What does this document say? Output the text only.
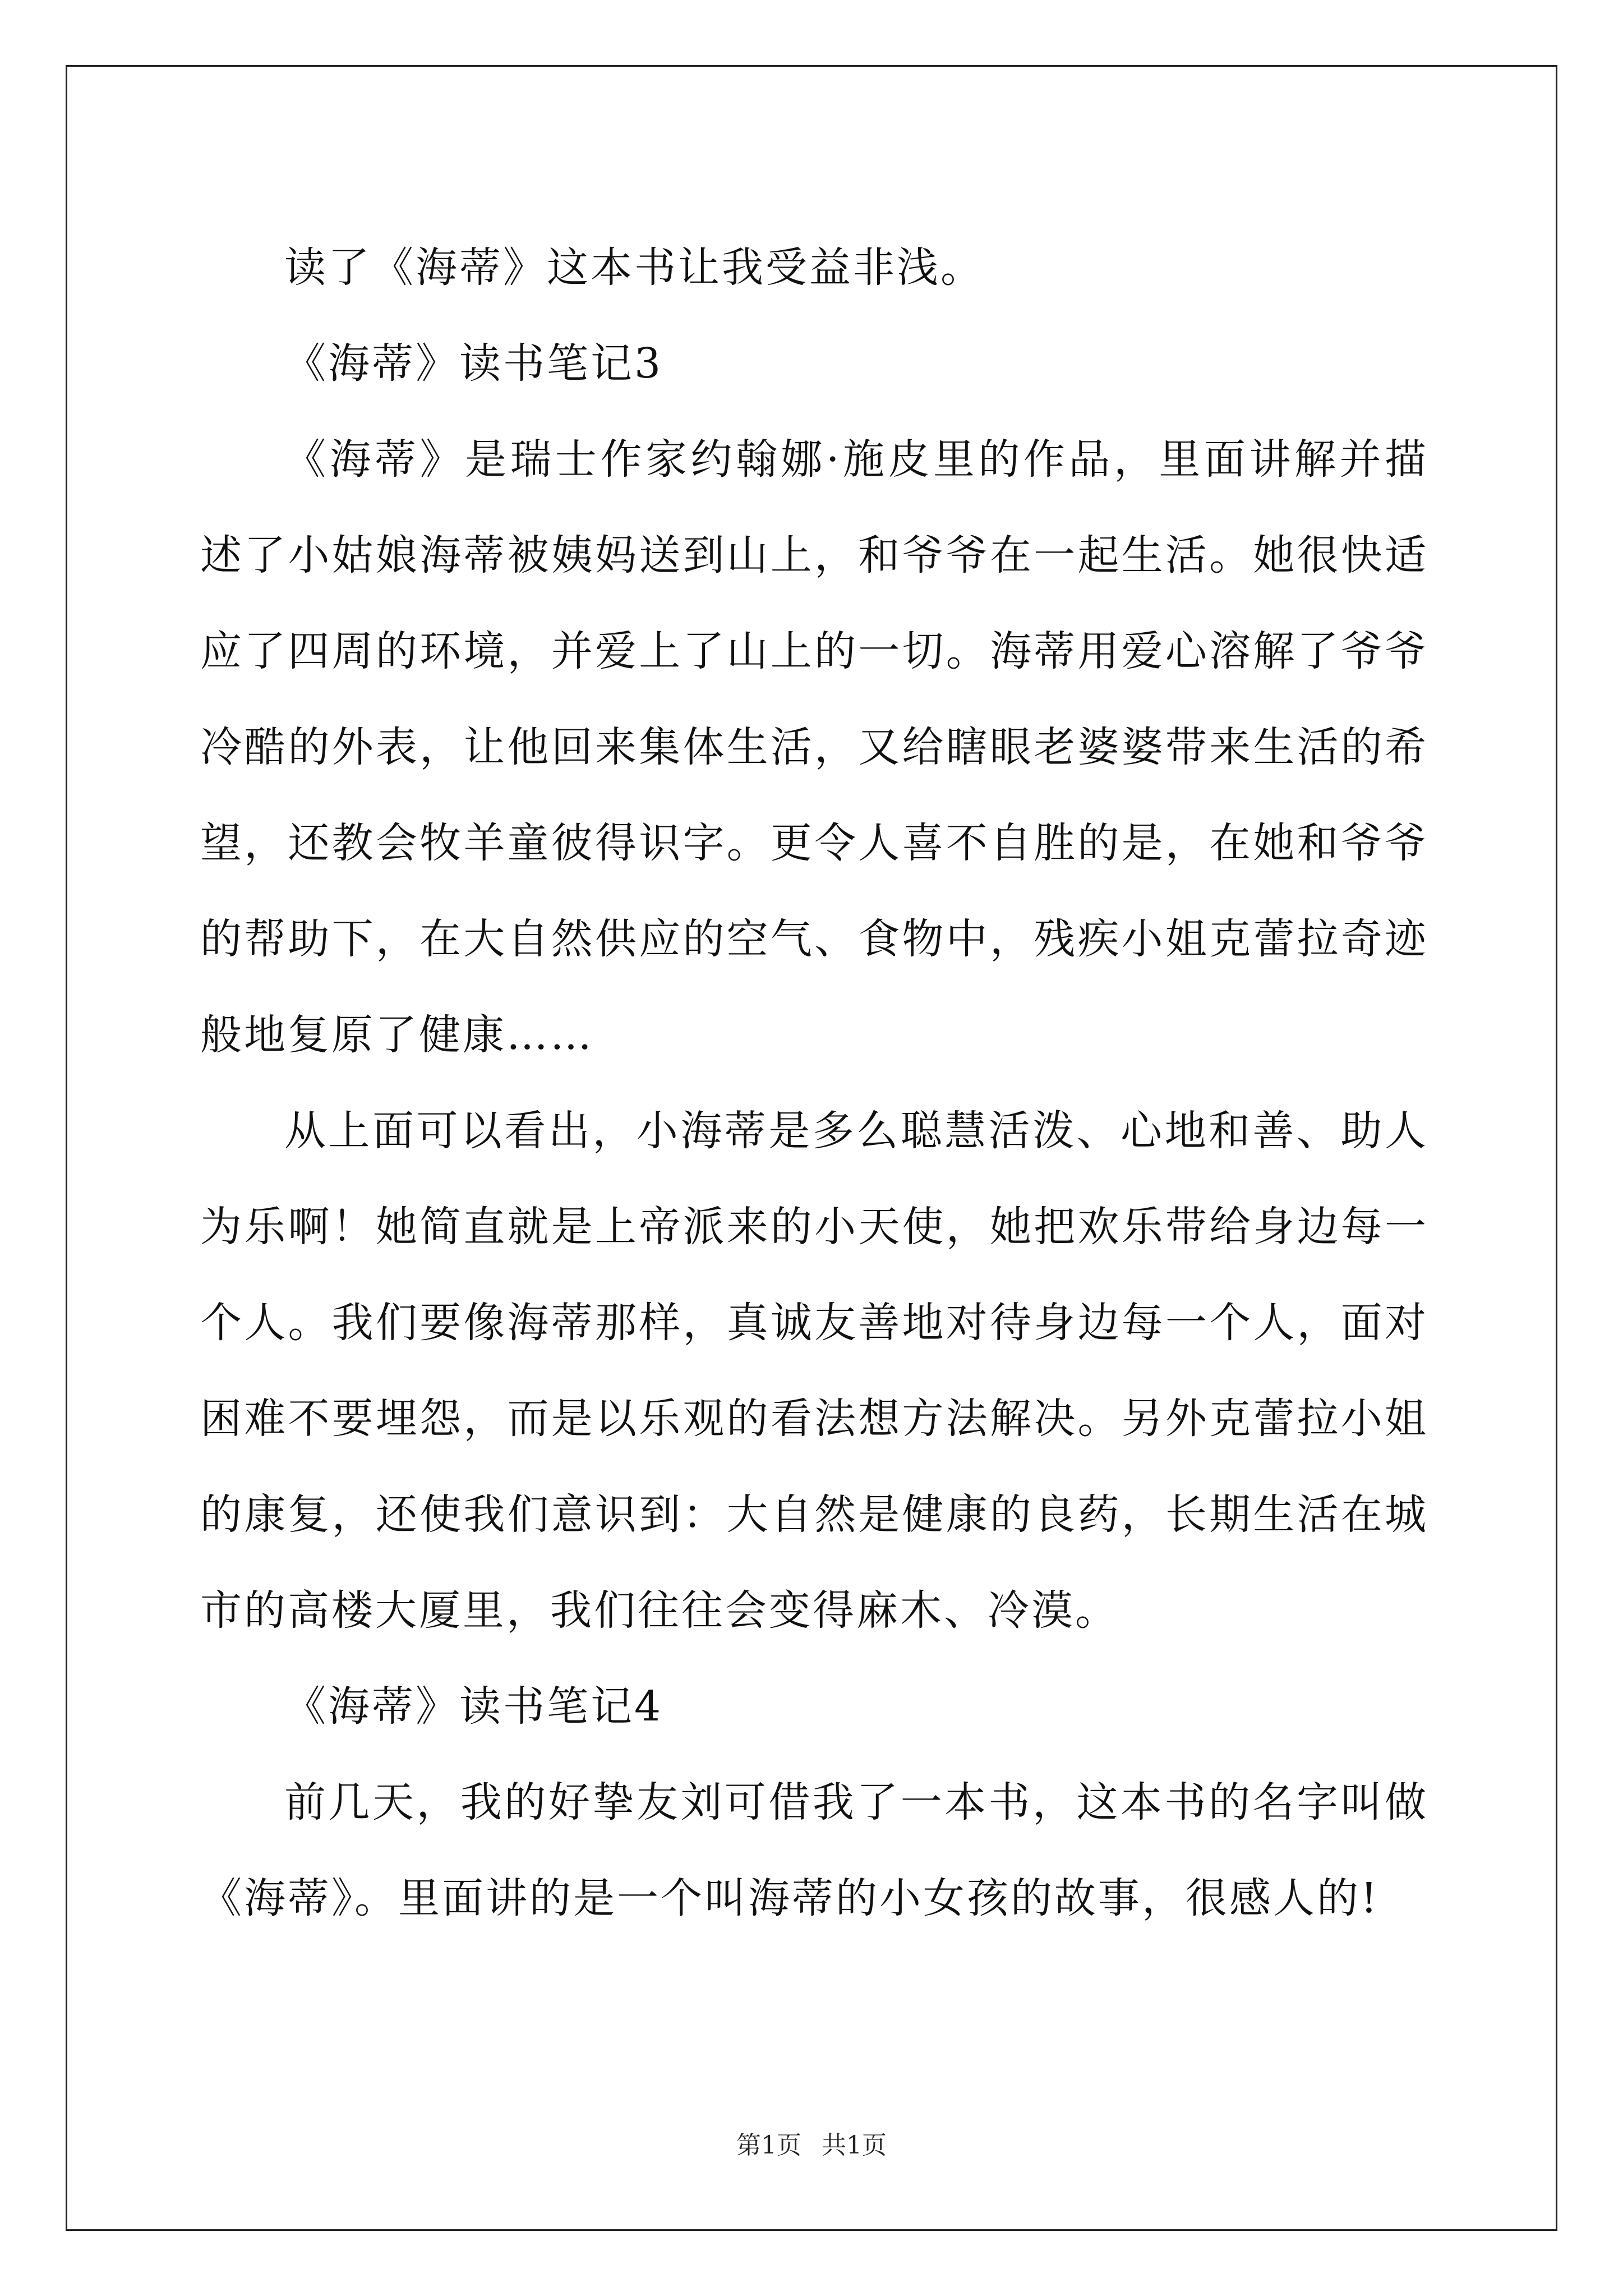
读了《海蒂》这本书让我受益非浅。

《海蒂》读书笔记3

《海蒂》是瑞士作家约翰娜·施皮里的作品，里面讲解并描述了小姑娘海蒂被姨妈送到山上，和爷爷在一起生活。她很快适应了四周的环境，并爱上了山上的一切。海蒂用爱心溶解了爷爷冷酷的外表，让他回来集体生活，又给瞎眼老婆婆带来生活的希望，还教会牧羊童彼得识字。更令人喜不自胜的是，在她和爷爷的帮助下，在大自然供应的空气、食物中，残疾小姐克蕾拉奇迹般地复原了健康……

从上面可以看出，小海蒂是多么聪慧活泼、心地和善、助人为乐啊！她简直就是上帝派来的小天使，她把欢乐带给身边每一个人。我们要像海蒂那样，真诚友善地对待身边每一个人，面对困难不要埋怨，而是以乐观的看法想方法解决。另外克蕾拉小姐的康复，还使我们意识到：大自然是健康的良药，长期生活在城市的高楼大厦里，我们往往会变得麻木、冷漠。

《海蒂》读书笔记4

前几天，我的好挚友刘可借我了一本书，这本书的名字叫做《海蒂》。里面讲的是一个叫海蒂的小女孩的故事，很感人的!

第1页 共1页
